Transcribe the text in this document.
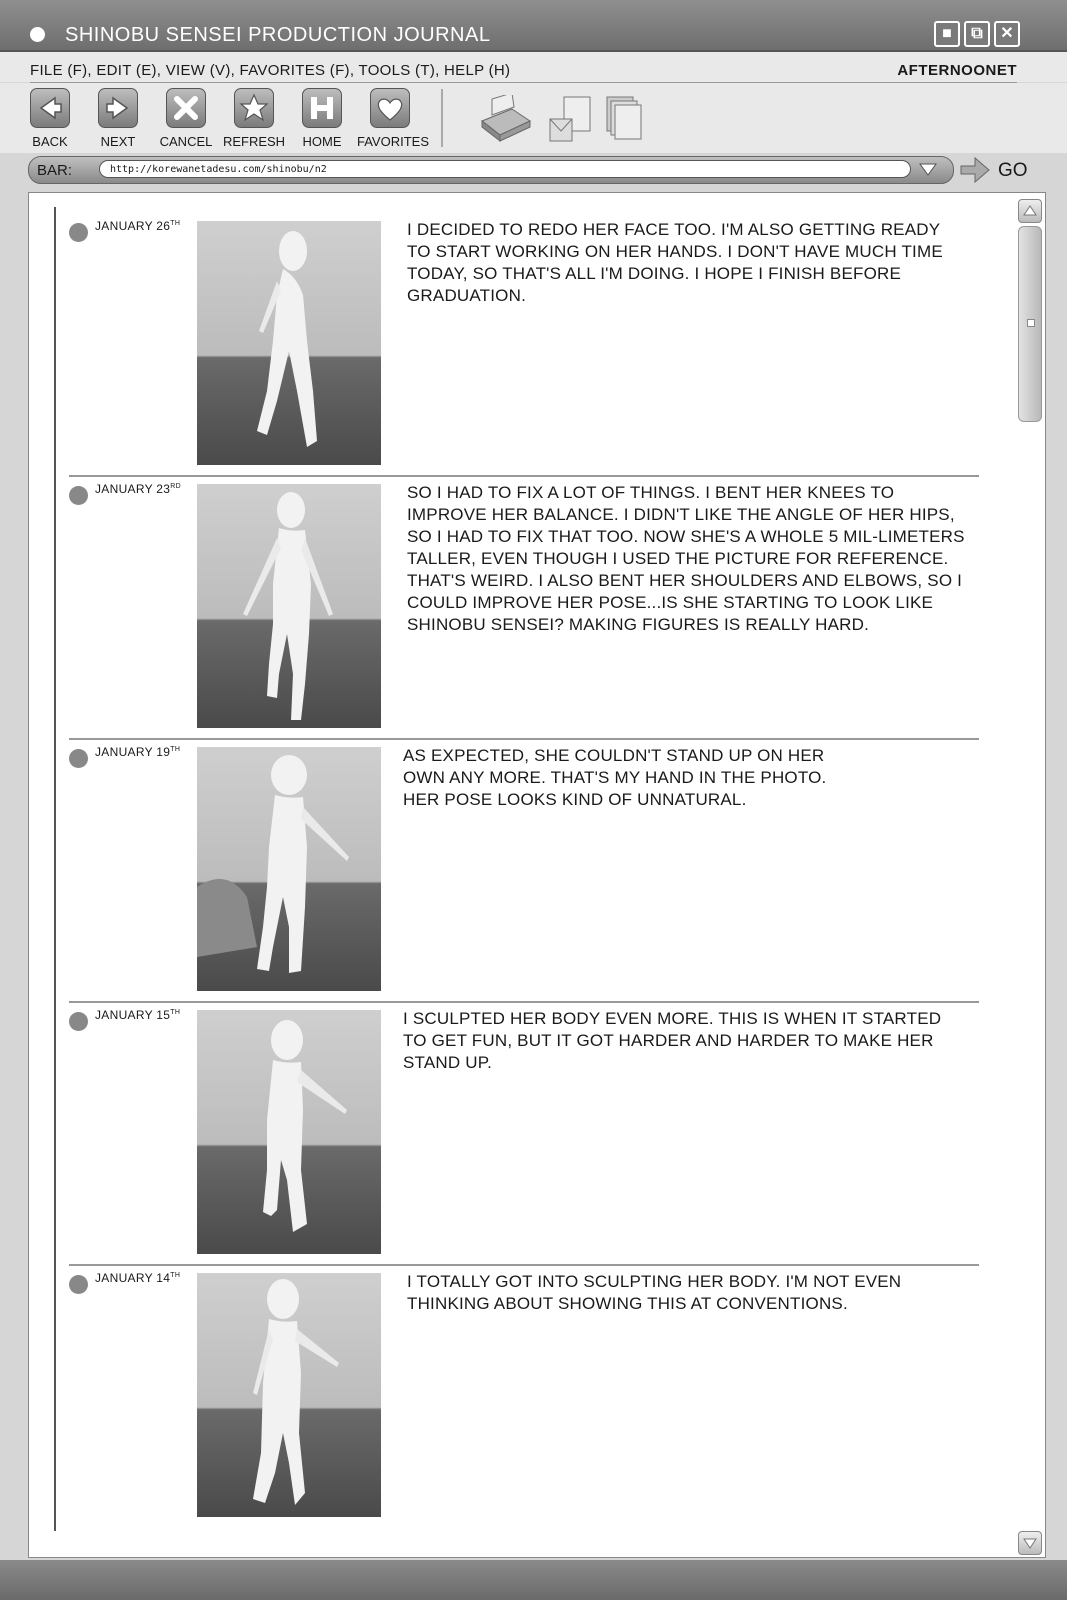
SHINOBU SENSEI PRODUCTION JOURNAL	■	⧉	✕
FILE (F), EDIT (E), VIEW (V), FAVORITES (F), TOOLS (T), HELP (H)	AFTERNOONET
BACK	NEXT	CANCEL REFRESH	HOME	FAVORITES
BAR:	http://korewanetadesu.com/shinobu/n2	GO
JANUARY 26TH	I DECIDED TO REDO HER FACE TOO. I'M ALSO GETTING READY TO START WORKING ON HER HANDS. I DON'T HAVE MUCH TIME TODAY, SO THAT'S ALL I'M DOING. I HOPE I FINISH BEFORE GRADUATION.
JANUARY 23RD	SO I HAD TO FIX A LOT OF THINGS. I BENT HER KNEES TO IMPROVE HER BALANCE. I DIDN'T LIKE THE ANGLE OF HER HIPS, SO I HAD TO FIX THAT TOO. NOW SHE'S A WHOLE 5 MIL-LIMETERS TALLER, EVEN THOUGH I USED THE PICTURE FOR REFERENCE. THAT'S WEIRD. I ALSO BENT HER SHOULDERS AND ELBOWS, SO I COULD IMPROVE HER POSE...IS SHE STARTING TO LOOK LIKE SHINOBU SENSEI? MAKING FIGURES IS REALLY HARD.
JANUARY 19TH	AS EXPECTED, SHE COULDN'T STAND UP ON HER OWN ANY MORE. THAT'S MY HAND IN THE PHOTO. HER POSE LOOKS KIND OF UNNATURAL.
JANUARY 15TH	I SCULPTED HER BODY EVEN MORE. THIS IS WHEN IT STARTED TO GET FUN, BUT IT GOT HARDER AND HARDER TO MAKE HER STAND UP.
JANUARY 14TH	I TOTALLY GOT INTO SCULPTING HER BODY. I'M NOT EVEN THINKING ABOUT SHOWING THIS AT CONVENTIONS.
